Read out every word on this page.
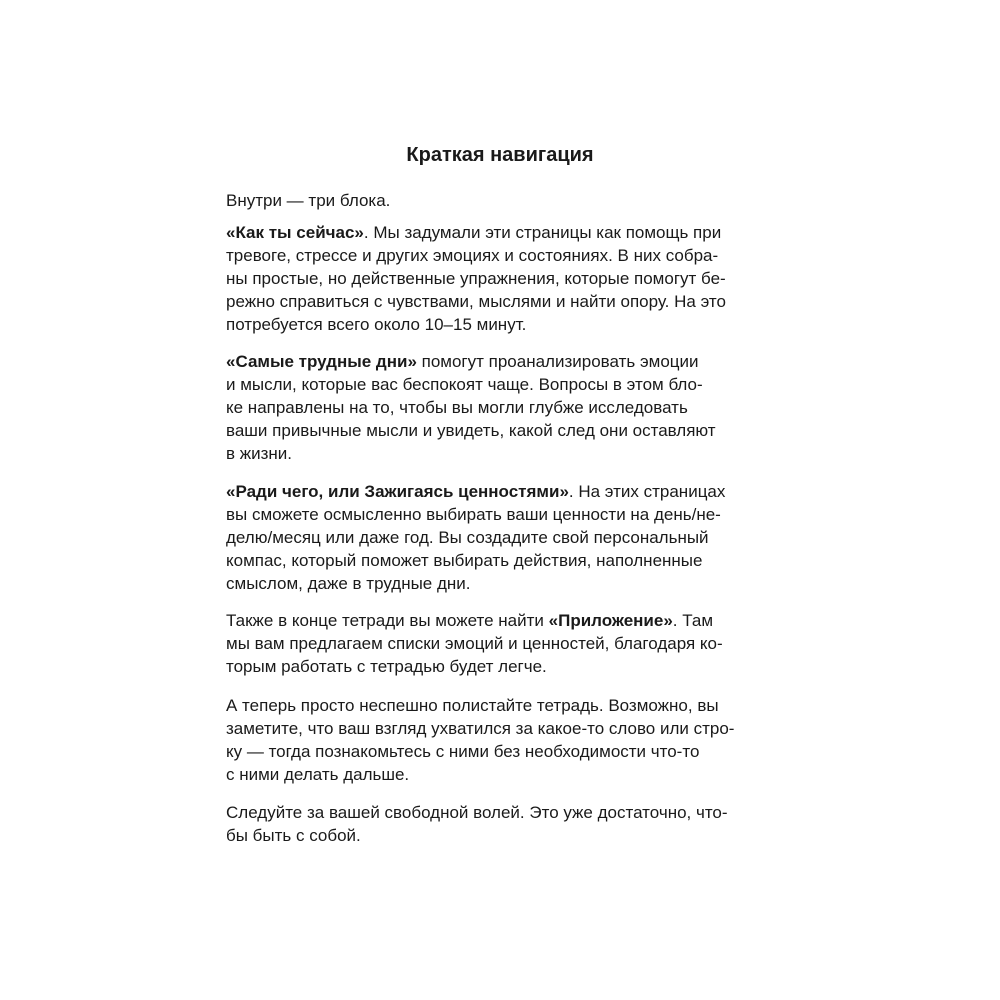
Краткая навигация
Внутри — три блока.
«Как ты сейчас». Мы задумали эти страницы как помощь при
тревоге, стрессе и других эмоциях и состояниях. В них собра-
ны простые, но действенные упражнения, которые помогут бе-
режно справиться с чувствами, мыслями и найти опору. На это
потребуется всего около 10–15 минут.
«Самые трудные дни» помогут проанализировать эмоции
и мысли, которые вас беспокоят чаще. Вопросы в этом бло-
ке направлены на то, чтобы вы могли глубже исследовать
ваши привычные мысли и увидеть, какой след они оставляют
в жизни.
«Ради чего, или Зажигаясь ценностями». На этих страницах
вы сможете осмысленно выбирать ваши ценности на день/не-
делю/месяц или даже год. Вы создадите свой персональный
компас, который поможет выбирать действия, наполненные
смыслом, даже в трудные дни.
Также в конце тетради вы можете найти «Приложение». Там
мы вам предлагаем списки эмоций и ценностей, благодаря ко-
торым работать с тетрадью будет легче.
А теперь просто неспешно полистайте тетрадь. Возможно, вы
заметите, что ваш взгляд ухватился за какое-то слово или стро-
ку — тогда познакомьтесь с ними без необходимости что-то
с ними делать дальше.
Следуйте за вашей свободной волей. Это уже достаточно, что-
бы быть с собой.
